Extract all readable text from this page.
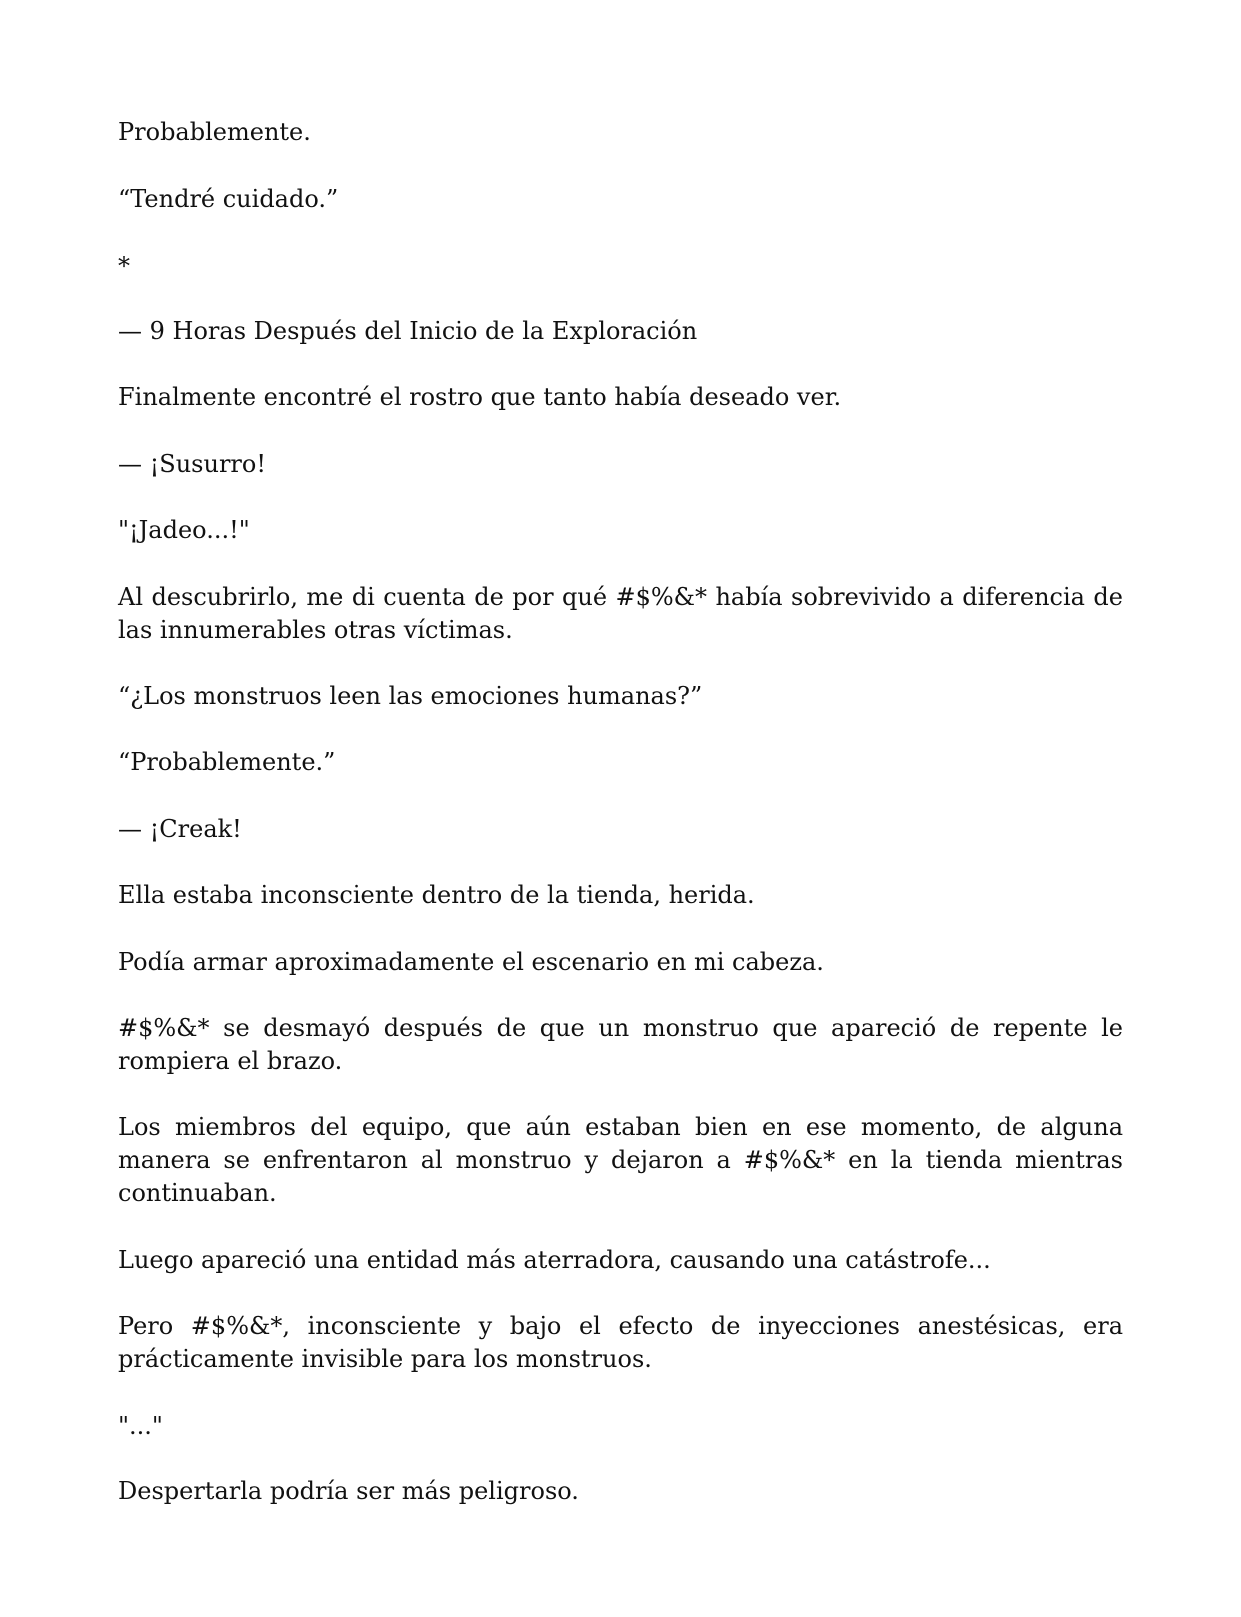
Probablemente.

“Tendré cuidado.”

*

— 9 Horas Después del Inicio de la Exploración

Finalmente encontré el rostro que tanto había deseado ver.

— ¡Susurro!

"¡Jadeo...!"

Al descubrirlo, me di cuenta de por qué #$%&* había sobrevivido a diferencia de las innumerables otras víctimas.

“¿Los monstruos leen las emociones humanas?”

“Probablemente.”

— ¡Creak!

Ella estaba inconsciente dentro de la tienda, herida.

Podía armar aproximadamente el escenario en mi cabeza.

#$%&* se desmayó después de que un monstruo que apareció de repente le rompiera el brazo.

Los miembros del equipo, que aún estaban bien en ese momento, de alguna manera se enfrentaron al monstruo y dejaron a #$%&* en la tienda mientras continuaban.

Luego apareció una entidad más aterradora, causando una catástrofe...

Pero #$%&*, inconsciente y bajo el efecto de inyecciones anestésicas, era prácticamente invisible para los monstruos.

"..."

Despertarla podría ser más peligroso.
